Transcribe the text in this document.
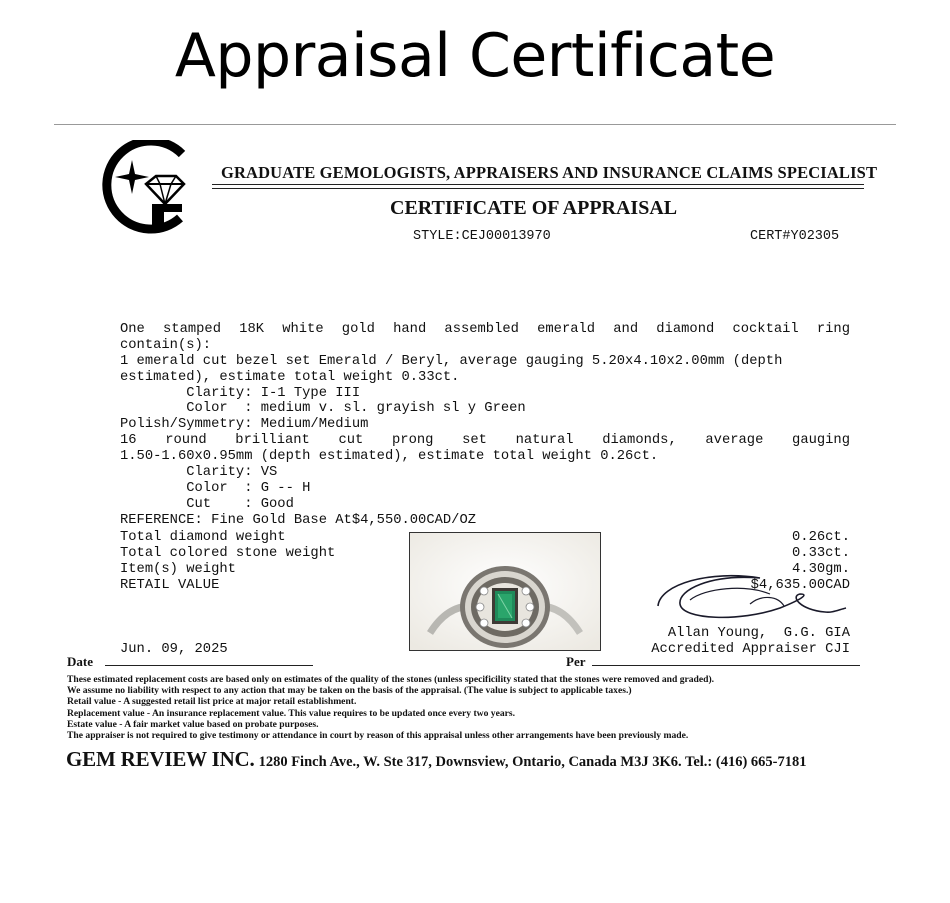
Appraisal Certificate
GRADUATE GEMOLOGISTS, APPRAISERS AND INSURANCE CLAIMS SPECIALIST
CERTIFICATE OF APPRAISAL
STYLE:CEJ00013970	CERT#Y02305
One stamped 18K white gold hand assembled emerald and diamond cocktail ring
contain(s):
1 emerald cut bezel set Emerald / Beryl, average gauging 5.20x4.10x2.00mm (depth
estimated), estimate total weight 0.33ct.
Clarity: I-1 Type III
Color  : medium v. sl. grayish sl y Green
Polish/Symmetry: Medium/Medium
16 round brilliant cut prong set natural diamonds, average gauging
1.50-1.60x0.95mm (depth estimated), estimate total weight 0.26ct.
Clarity: VS
Color  : G -- H
Cut    : Good
REFERENCE: Fine Gold Base At$4,550.00CAD/OZ
Total diamond weight
Total colored stone weight
Item(s) weight
RETAIL VALUE
0.26ct.
0.33ct.
4.30gm.
$4,635.00CAD
Allan Young,  G.G. GIA
Accredited Appraiser CJI
Jun. 09, 2025
Date	Per
These estimated replacement costs are based only on estimates of the quality of the stones (unless specificility stated that the stones were removed and graded).
We assume no liability with respect to any action that may be taken on the basis of the appraisal. (The value is subject to applicable taxes.)
Retail value - A suggested retail list price at major retail establishment.
Replacement value - An insurance replacement value. This value requires to be updated once every two years.
Estate value - A fair market value based on probate purposes.
The appraiser is not required to give testimony or attendance in court by reason of this appraisal unless other arrangements have been previously made.
GEM REVIEW INC. 1280 Finch Ave., W. Ste 317, Downsview, Ontario, Canada M3J 3K6. Tel.: (416) 665-7181
